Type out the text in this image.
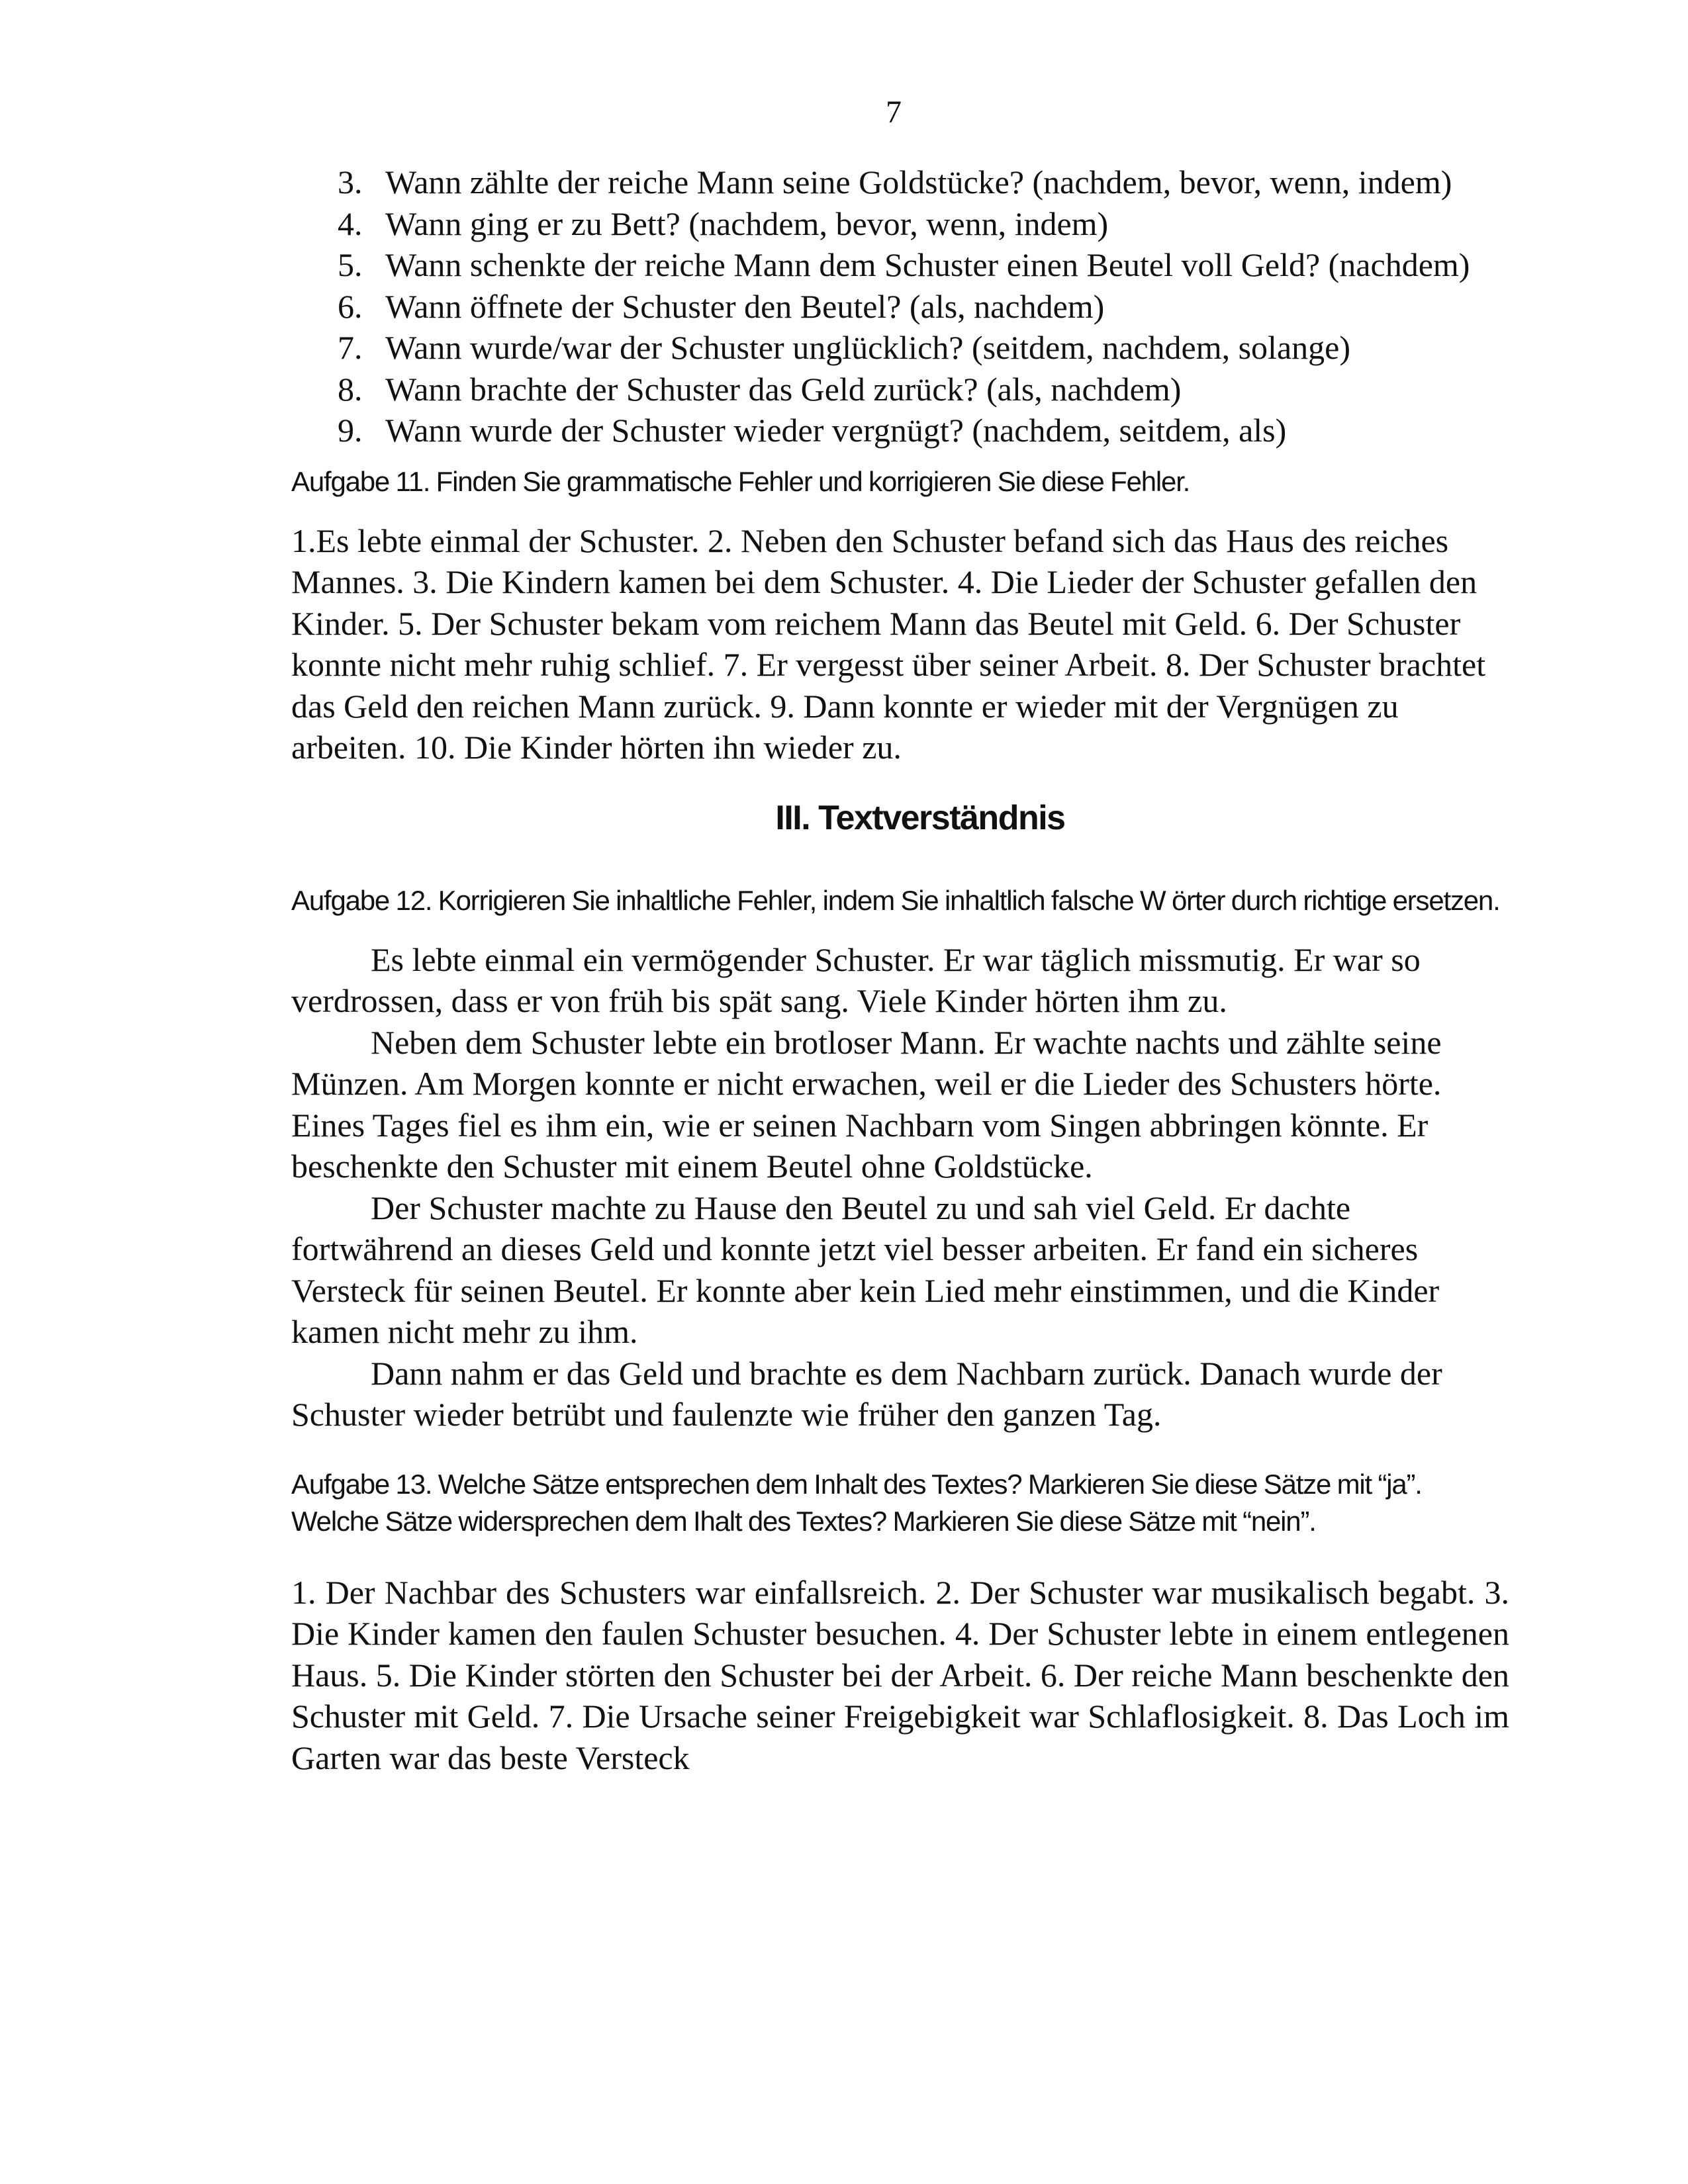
7
3. Wann zählte der reiche Mann seine Goldstücke? (nachdem, bevor, wenn, indem)
4. Wann ging er zu Bett? (nachdem, bevor, wenn, indem)
5. Wann schenkte der reiche Mann dem Schuster einen Beutel voll Geld? (nachdem)
6. Wann öffnete der Schuster den Beutel? (als, nachdem)
7. Wann wurde/war der Schuster unglücklich? (seitdem, nachdem, solange)
8. Wann brachte der Schuster das Geld zurück? (als, nachdem)
9. Wann wurde der Schuster wieder vergnügt? (nachdem, seitdem, als)
Aufgabe 11. Finden Sie grammatische Fehler und korrigieren Sie diese Fehler.

1.Es lebte einmal der Schuster. 2. Neben den Schuster befand sich das Haus des reiches Mannes. 3. Die Kindern kamen bei dem Schuster. 4. Die Lieder der Schuster gefallen den Kinder. 5. Der Schuster bekam vom reichem Mann das Beutel mit Geld. 6. Der Schuster konnte nicht mehr ruhig schlief. 7. Er vergesst über seiner Arbeit. 8. Der Schuster brachtet das Geld den reichen Mann zurück. 9. Dann konnte er wieder mit der Vergnügen zu arbeiten. 10. Die Kinder hörten ihn wieder zu.

III. Textverständnis
Aufgabe 12. Korrigieren Sie inhaltliche Fehler, indem Sie inhaltlich falsche W örter durch richtige ersetzen.

Es lebte einmal ein vermögender Schuster. Er war täglich missmutig. Er war so verdrossen, dass er von früh bis spät sang. Viele Kinder hörten ihm zu.

Neben dem Schuster lebte ein brotloser Mann. Er wachte nachts und zählte seine Münzen. Am Morgen konnte er nicht erwachen, weil er die Lieder des Schusters hörte. Eines Tages fiel es ihm ein, wie er seinen Nachbarn vom Singen abbringen könnte. Er beschenkte den Schuster mit einem Beutel ohne Goldstücke.

Der Schuster machte zu Hause den Beutel zu und sah viel Geld. Er dachte fortwährend an dieses Geld und konnte jetzt viel besser arbeiten. Er fand ein sicheres Versteck für seinen Beutel. Er konnte aber kein Lied mehr einstimmen, und die Kinder kamen nicht mehr zu ihm.

Dann nahm er das Geld und brachte es dem Nachbarn zurück. Danach wurde der Schuster wieder betrübt und faulenzte wie früher den ganzen Tag.

Aufgabe 13. Welche Sätze entsprechen dem Inhalt des Textes? Markieren Sie diese Sätze mit “ja”. Welche Sätze widersprechen dem Ihalt des Textes? Markieren Sie diese Sätze mit “nein”.

1. Der Nachbar des Schusters war einfallsreich. 2. Der Schuster war musikalisch begabt. 3. Die Kinder kamen den faulen Schuster besuchen. 4. Der Schuster lebte in einem entlegenen Haus. 5. Die Kinder störten den Schuster bei der Arbeit. 6. Der reiche Mann beschenkte den Schuster mit Geld. 7. Die Ursache seiner Freigebigkeit war Schlaflosigkeit. 8. Das Loch im Garten war das beste Versteck
